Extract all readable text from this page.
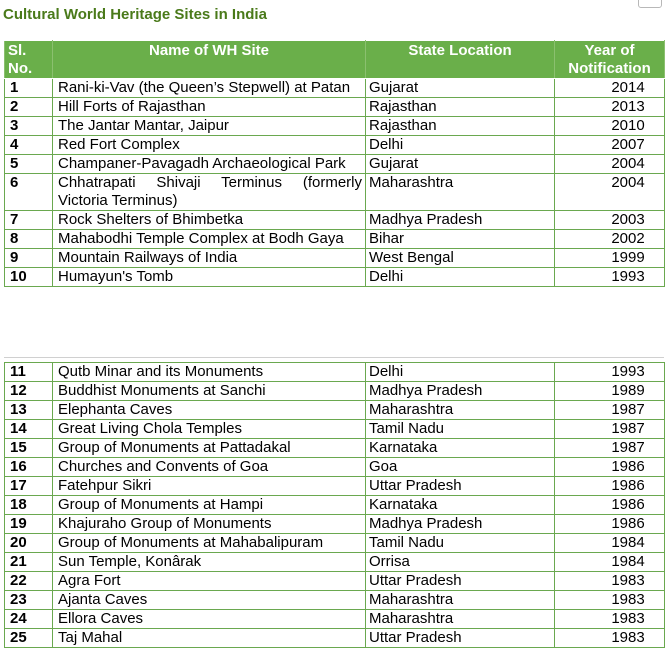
Cultural World Heritage Sites in India
Sl. No.	Name of WH Site	State Location	Year of Notification
1	Rani-ki-Vav (the Queen’s Stepwell) at Patan	Gujarat	2014
2	Hill Forts of Rajasthan	Rajasthan	2013
3	The Jantar Mantar, Jaipur	Rajasthan	2010
4	Red Fort Complex	Delhi	2007
5	Champaner-Pavagadh Archaeological Park	Gujarat	2004
6	Chhatrapati Shivaji Terminus (formerly Victoria Terminus)	Maharashtra	2004
7	Rock Shelters of Bhimbetka	Madhya Pradesh	2003
8	Mahabodhi Temple Complex at Bodh Gaya	Bihar	2002
9	Mountain Railways of India	West Bengal	1999
10	Humayun's Tomb	Delhi	1993
11	Qutb Minar and its Monuments	Delhi	1993
12	Buddhist Monuments at Sanchi	Madhya Pradesh	1989
13	Elephanta Caves	Maharashtra	1987
14	Great Living Chola Temples	Tamil Nadu	1987
15	Group of Monuments at Pattadakal	Karnataka	1987
16	Churches and Convents of Goa	Goa	1986
17	Fatehpur Sikri	Uttar Pradesh	1986
18	Group of Monuments at Hampi	Karnataka	1986
19	Khajuraho Group of Monuments	Madhya Pradesh	1986
20	Group of Monuments at Mahabalipuram	Tamil Nadu	1984
21	Sun Temple, Konârak	Orrisa	1984
22	Agra Fort	Uttar Pradesh	1983
23	Ajanta Caves	Maharashtra	1983
24	Ellora Caves	Maharashtra	1983
25	Taj Mahal	Uttar Pradesh	1983
